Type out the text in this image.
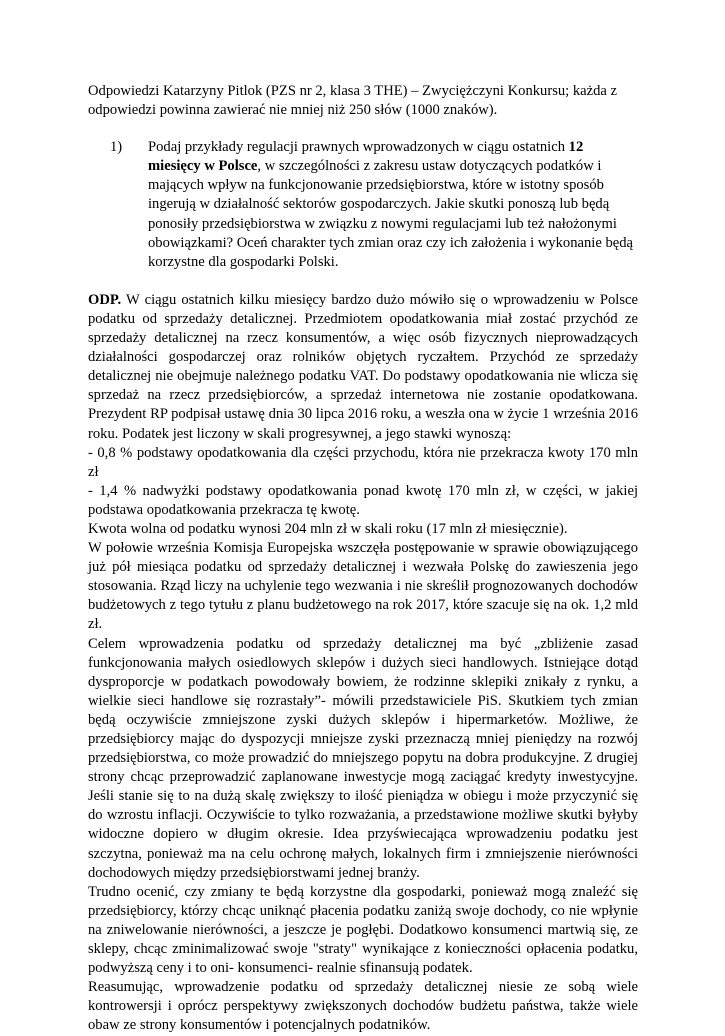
Odpowiedzi Katarzyny Pitlok (PZS nr 2, klasa 3 THE) – Zwyciężczyni Konkursu; każda z odpowiedzi powinna zawierać nie mniej niż 250 słów (1000 znaków).

1)	Podaj przykłady regulacji prawnych wprowadzonych w ciągu ostatnich 12 miesięcy w Polsce, w szczególności z zakresu ustaw dotyczących podatków i mających wpływ na funkcjonowanie przedsiębiorstwa, które w istotny sposób ingerują w działalność sektorów gospodarczych. Jakie skutki ponoszą lub będą ponosiły przedsiębiorstwa w związku z nowymi regulacjami lub też nałożonymi obowiązkami? Oceń charakter tych zmian oraz czy ich założenia i wykonanie będą korzystne dla gospodarki Polski.

ODP. W ciągu ostatnich kilku miesięcy bardzo dużo mówiło się o wprowadzeniu w Polsce podatku od sprzedaży detalicznej. Przedmiotem opodatkowania miał zostać przychód ze sprzedaży detalicznej na rzecz konsumentów, a więc osób fizycznych nieprowadzących działalności gospodarczej oraz rolników objętych ryczałtem. Przychód ze sprzedaży detalicznej nie obejmuje należnego podatku VAT. Do podstawy opodatkowania nie wlicza się sprzedaż na rzecz przedsiębiorców, a sprzedaż internetowa nie zostanie opodatkowana. Prezydent RP podpisał ustawę dnia 30 lipca 2016 roku, a weszła ona w życie 1 września 2016 roku. Podatek jest liczony w skali progresywnej, a jego stawki wynoszą:

- 0,8 % podstawy opodatkowania dla części przychodu, która nie przekracza kwoty 170 mln zł

- 1,4 % nadwyżki podstawy opodatkowania ponad kwotę 170 mln zł, w części, w jakiej podstawa opodatkowania przekracza tę kwotę.

Kwota wolna od podatku wynosi 204 mln zł w skali roku (17 mln zł miesięcznie).

W połowie września Komisja Europejska wszczęła postępowanie w sprawie obowiązującego już pół miesiąca podatku od sprzedaży detalicznej i wezwała Polskę do zawieszenia jego stosowania. Rząd liczy na uchylenie tego wezwania i nie skreślił prognozowanych dochodów budżetowych z tego tytułu z planu budżetowego na rok 2017, które szacuje się na ok. 1,2 mld zł.

Celem wprowadzenia podatku od sprzedaży detalicznej ma być „zbliżenie zasad funkcjonowania małych osiedlowych sklepów i dużych sieci handlowych. Istniejące dotąd dysproporcje w podatkach powodowały bowiem, że rodzinne sklepiki znikały z rynku, a wielkie sieci handlowe się rozrastały”- mówili przedstawiciele PiS. Skutkiem tych zmian będą oczywiście zmniejszone zyski dużych sklepów i hipermarketów. Możliwe, że przedsiębiorcy mając do dyspozycji mniejsze zyski przeznaczą mniej pieniędzy na rozwój przedsiębiorstwa, co może prowadzić do mniejszego popytu na dobra produkcyjne. Z drugiej strony chcąc przeprowadzić zaplanowane inwestycje mogą zaciągać kredyty inwestycyjne. Jeśli stanie się to na dużą skalę zwiększy to ilość pieniądza w obiegu i może przyczynić się do wzrostu inflacji. Oczywiście to tylko rozważania, a przedstawione możliwe skutki byłyby widoczne dopiero w długim okresie. Idea przyświecająca wprowadzeniu podatku jest szczytna, ponieważ ma na celu ochronę małych, lokalnych firm i zmniejszenie nierówności dochodowych między przedsiębiorstwami jednej branży.

Trudno ocenić, czy zmiany te będą korzystne dla gospodarki, ponieważ mogą znaleźć się przedsiębiorcy, którzy chcąc uniknąć płacenia podatku zaniżą swoje dochody, co nie wpłynie na zniwelowanie nierówności, a jeszcze je pogłębi. Dodatkowo konsumenci martwią się, ze sklepy, chcąc zminimalizować swoje "straty" wynikające z konieczności opłacenia podatku, podwyższą ceny i to oni- konsumenci- realnie sfinansują podatek.

Reasumując, wprowadzenie podatku od sprzedaży detalicznej niesie ze sobą wiele kontrowersji i oprócz perspektywy zwiększonych dochodów budżetu państwa, także wiele obaw ze strony konsumentów i potencjalnych podatników.
